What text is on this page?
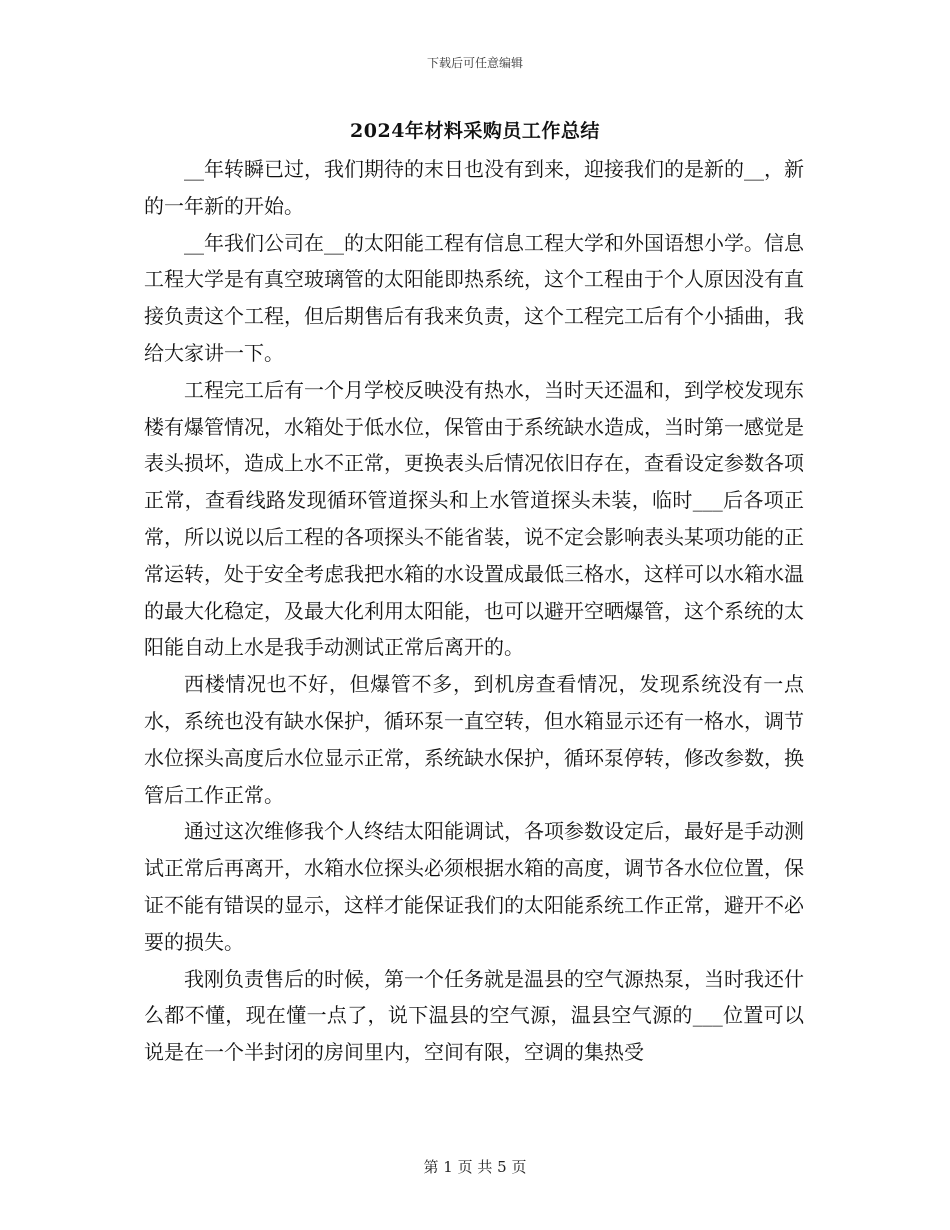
下载后可任意编辑
2024年材料采购员工作总结

__年转瞬已过，我们期待的末日也没有到来，迎接我们的是新的__，新的一年新的开始。

__年我们公司在__的太阳能工程有信息工程大学和外国语想小学。信息工程大学是有真空玻璃管的太阳能即热系统，这个工程由于个人原因没有直接负责这个工程，但后期售后有我来负责，这个工程完工后有个小插曲，我给大家讲一下。

工程完工后有一个月学校反映没有热水，当时天还温和，到学校发现东楼有爆管情况，水箱处于低水位，保管由于系统缺水造成，当时第一感觉是表头损坏，造成上水不正常，更换表头后情况依旧存在，查看设定参数各项正常，查看线路发现循环管道探头和上水管道探头未装，临时___后各项正常，所以说以后工程的各项探头不能省装，说不定会影响表头某项功能的正常运转，处于安全考虑我把水箱的水设置成最低三格水，这样可以水箱水温的最大化稳定，及最大化利用太阳能，也可以避开空晒爆管，这个系统的太阳能自动上水是我手动测试正常后离开的。

西楼情况也不好，但爆管不多，到机房查看情况，发现系统没有一点水，系统也没有缺水保护，循环泵一直空转，但水箱显示还有一格水，调节水位探头高度后水位显示正常，系统缺水保护，循环泵停转，修改参数，换管后工作正常。

通过这次维修我个人终结太阳能调试，各项参数设定后，最好是手动测试正常后再离开，水箱水位探头必须根据水箱的高度，调节各水位位置，保证不能有错误的显示，这样才能保证我们的太阳能系统工作正常，避开不必要的损失。

我刚负责售后的时候，第一个任务就是温县的空气源热泵，当时我还什么都不懂，现在懂一点了，说下温县的空气源，温县空气源的___位置可以说是在一个半封闭的房间里内，空间有限，空调的集热受

第 1 页 共 5 页
